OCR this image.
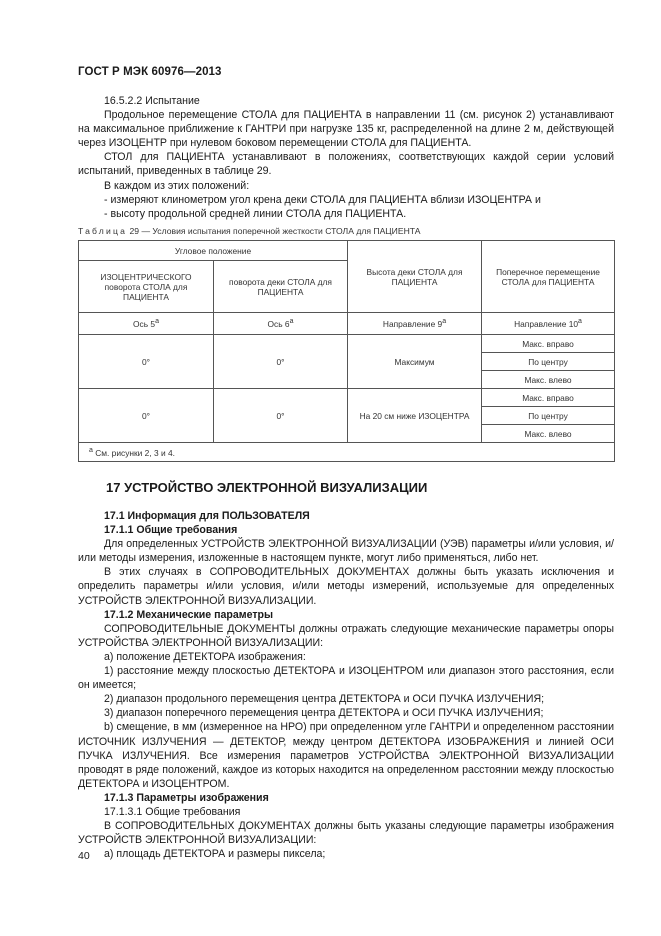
ГОСТ Р МЭК 60976—2013

16.5.2.2 Испытание

Продольное перемещение СТОЛА для ПАЦИЕНТА в направлении 11 (см. рисунок 2) устанавливают на максимальное приближение к ГАНТРИ при нагрузке 135 кг, распределенной на длине 2 м, действующей через ИЗОЦЕНТР при нулевом боковом перемещении СТОЛА для ПАЦИЕНТА.

СТОЛ для ПАЦИЕНТА устанавливают в положениях, соответствующих каждой серии условий испытаний, приведенных в таблице 29.

В каждом из этих положений:

- измеряют клинометром угол крена деки СТОЛА для ПАЦИЕНТА вблизи ИЗОЦЕНТРА и

- высоту продольной средней линии СТОЛА для ПАЦИЕНТА.

Таблица 29 — Условия испытания поперечной жесткости СТОЛА для ПАЦИЕНТА
Угловое положение		Высота деки СТОЛА для ПАЦИЕНТА	Поперечное перемещение СТОЛА для ПАЦИЕНТА
ИЗОЦЕНТРИЧЕСКОГО поворота СТОЛА для ПАЦИЕНТА	поворота деки СТОЛА для ПАЦИЕНТА		
Ось $5^а$	Ось $6^а$	Направление $9^а$	Направление $10^а$
0°	0°	Максимум	Макс. вправо
			По центру
			Макс. влево
0°	0°	На 20 см ниже ИЗОЦЕНТРА	Макс. вправо
			По центру
			Макс. влево
$^а$ См. рисунки 2, 3 и 4.			
17 УСТРОЙСТВО ЭЛЕКТРОННОЙ ВИЗУАЛИЗАЦИИ

17.1 Информация для ПОЛЬЗОВАТЕЛЯ

17.1.1 Общие требования

Для определенных УСТРОЙСТВ ЭЛЕКТРОННОЙ ВИЗУАЛИЗАЦИИ (УЭВ) параметры и/или условия, и/или методы измерения, изложенные в настоящем пункте, могут либо применяться, либо нет.

В этих случаях в СОПРОВОДИТЕЛЬНЫХ ДОКУМЕНТАХ должны быть указать исключения и определить параметры и/или условия, и/или методы измерений, используемые для определенных УСТРОЙСТВ ЭЛЕКТРОННОЙ ВИЗУАЛИЗАЦИИ.

17.1.2 Механические параметры

СОПРОВОДИТЕЛЬНЫЕ ДОКУМЕНТЫ должны отражать следующие механические параметры опоры УСТРОЙСТВА ЭЛЕКТРОННОЙ ВИЗУАЛИЗАЦИИ:

а) положение ДЕТЕКТОРА изображения:

1) расстояние между плоскостью ДЕТЕКТОРА и ИЗОЦЕНТРОМ или диапазон этого расстояния, если он имеется;

2) диапазон продольного перемещения центра ДЕТЕКТОРА и ОСИ ПУЧКА ИЗЛУЧЕНИЯ;

3) диапазон поперечного перемещения центра ДЕТЕКТОРА и ОСИ ПУЧКА ИЗЛУЧЕНИЯ;

b) смещение, в мм (измеренное на НРО) при определенном угле ГАНТРИ и определенном расстоянии ИСТОЧНИК ИЗЛУЧЕНИЯ — ДЕТЕКТОР, между центром ДЕТЕКТОРА ИЗОБРАЖЕНИЯ и линией ОСИ ПУЧКА ИЗЛУЧЕНИЯ. Все измерения параметров УСТРОЙСТВА ЭЛЕКТРОННОЙ ВИЗУАЛИЗАЦИИ проводят в ряде положений, каждое из которых находится на определенном расстоянии между плоскостью ДЕТЕКТОРА и ИЗОЦЕНТРОМ.

17.1.3 Параметры изображения

17.1.3.1 Общие требования

В СОПРОВОДИТЕЛЬНЫХ ДОКУМЕНТАХ должны быть указаны следующие параметры изображения УСТРОЙСТВ ЭЛЕКТРОННОЙ ВИЗУАЛИЗАЦИИ:

а) площадь ДЕТЕКТОРА и размеры пиксела;

40
